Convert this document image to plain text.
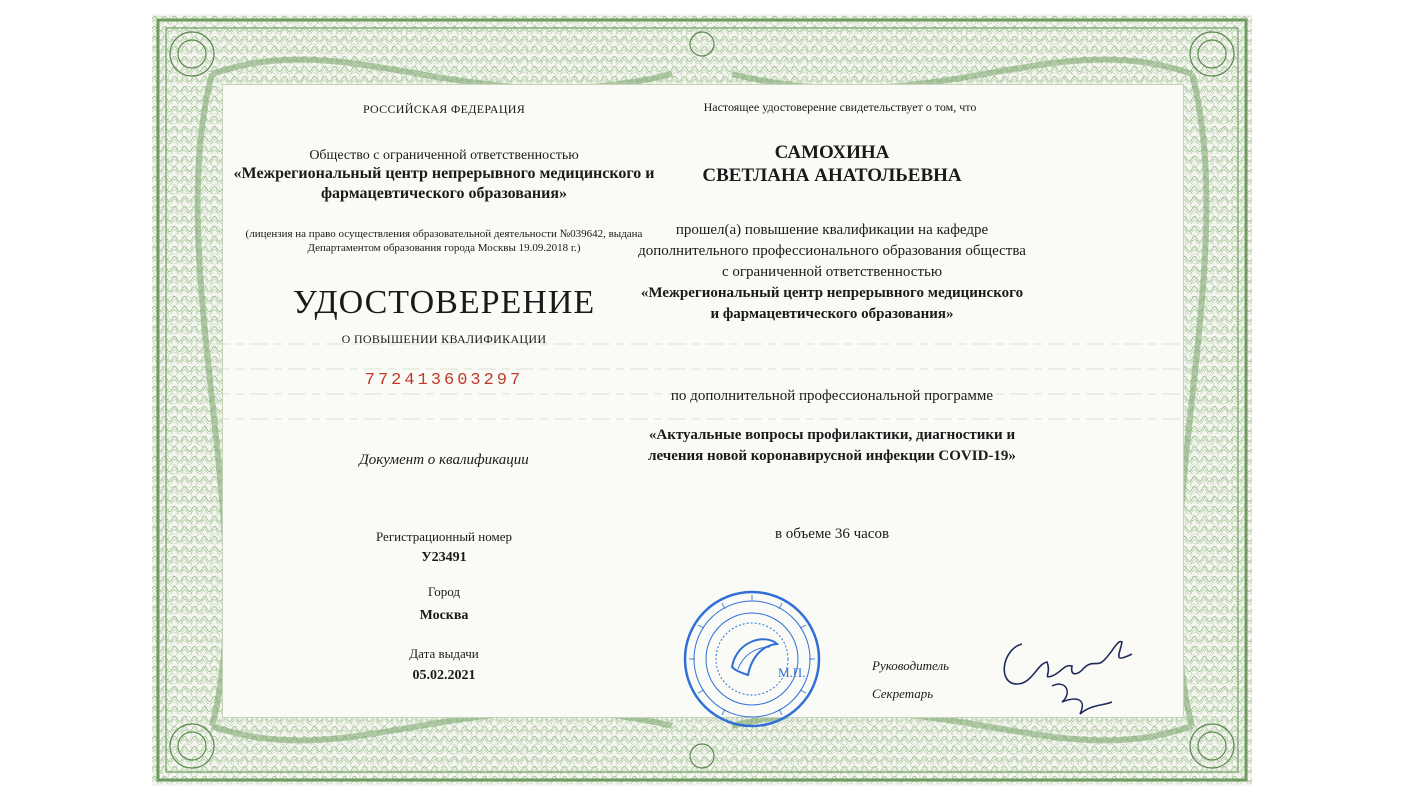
РОССИЙСКАЯ ФЕДЕРАЦИЯ
Общество с ограниченной ответственностью
«Межрегиональный центр непрерывного медицинского и
фармацевтического образования»
(лицензия на право осуществления образовательной деятельности №039642, выдана
Департаментом образования города Москвы 19.09.2018 г.)
УДОСТОВЕРЕНИЕ
О ПОВЫШЕНИИ КВАЛИФИКАЦИИ
772413603297
Документ о квалификации
Регистрационный номер
У23491
Город
Москва
Дата выдачи
05.02.2021
Настоящее удостоверение свидетельствует о том, что
САМОХИНА
СВЕТЛАНА АНАТОЛЬЕВНА
прошел(а) повышение квалификации на кафедре
дополнительного профессионального образования общества
с ограниченной ответственностью
«Межрегиональный центр непрерывного медицинского
и фармацевтического образования»
по дополнительной профессиональной программе
«Актуальные вопросы профилактики, диагностики и
лечения новой коронавирусной инфекции COVID-19»
в объеме 36 часов
М.П.	Руководитель
Секретарь
